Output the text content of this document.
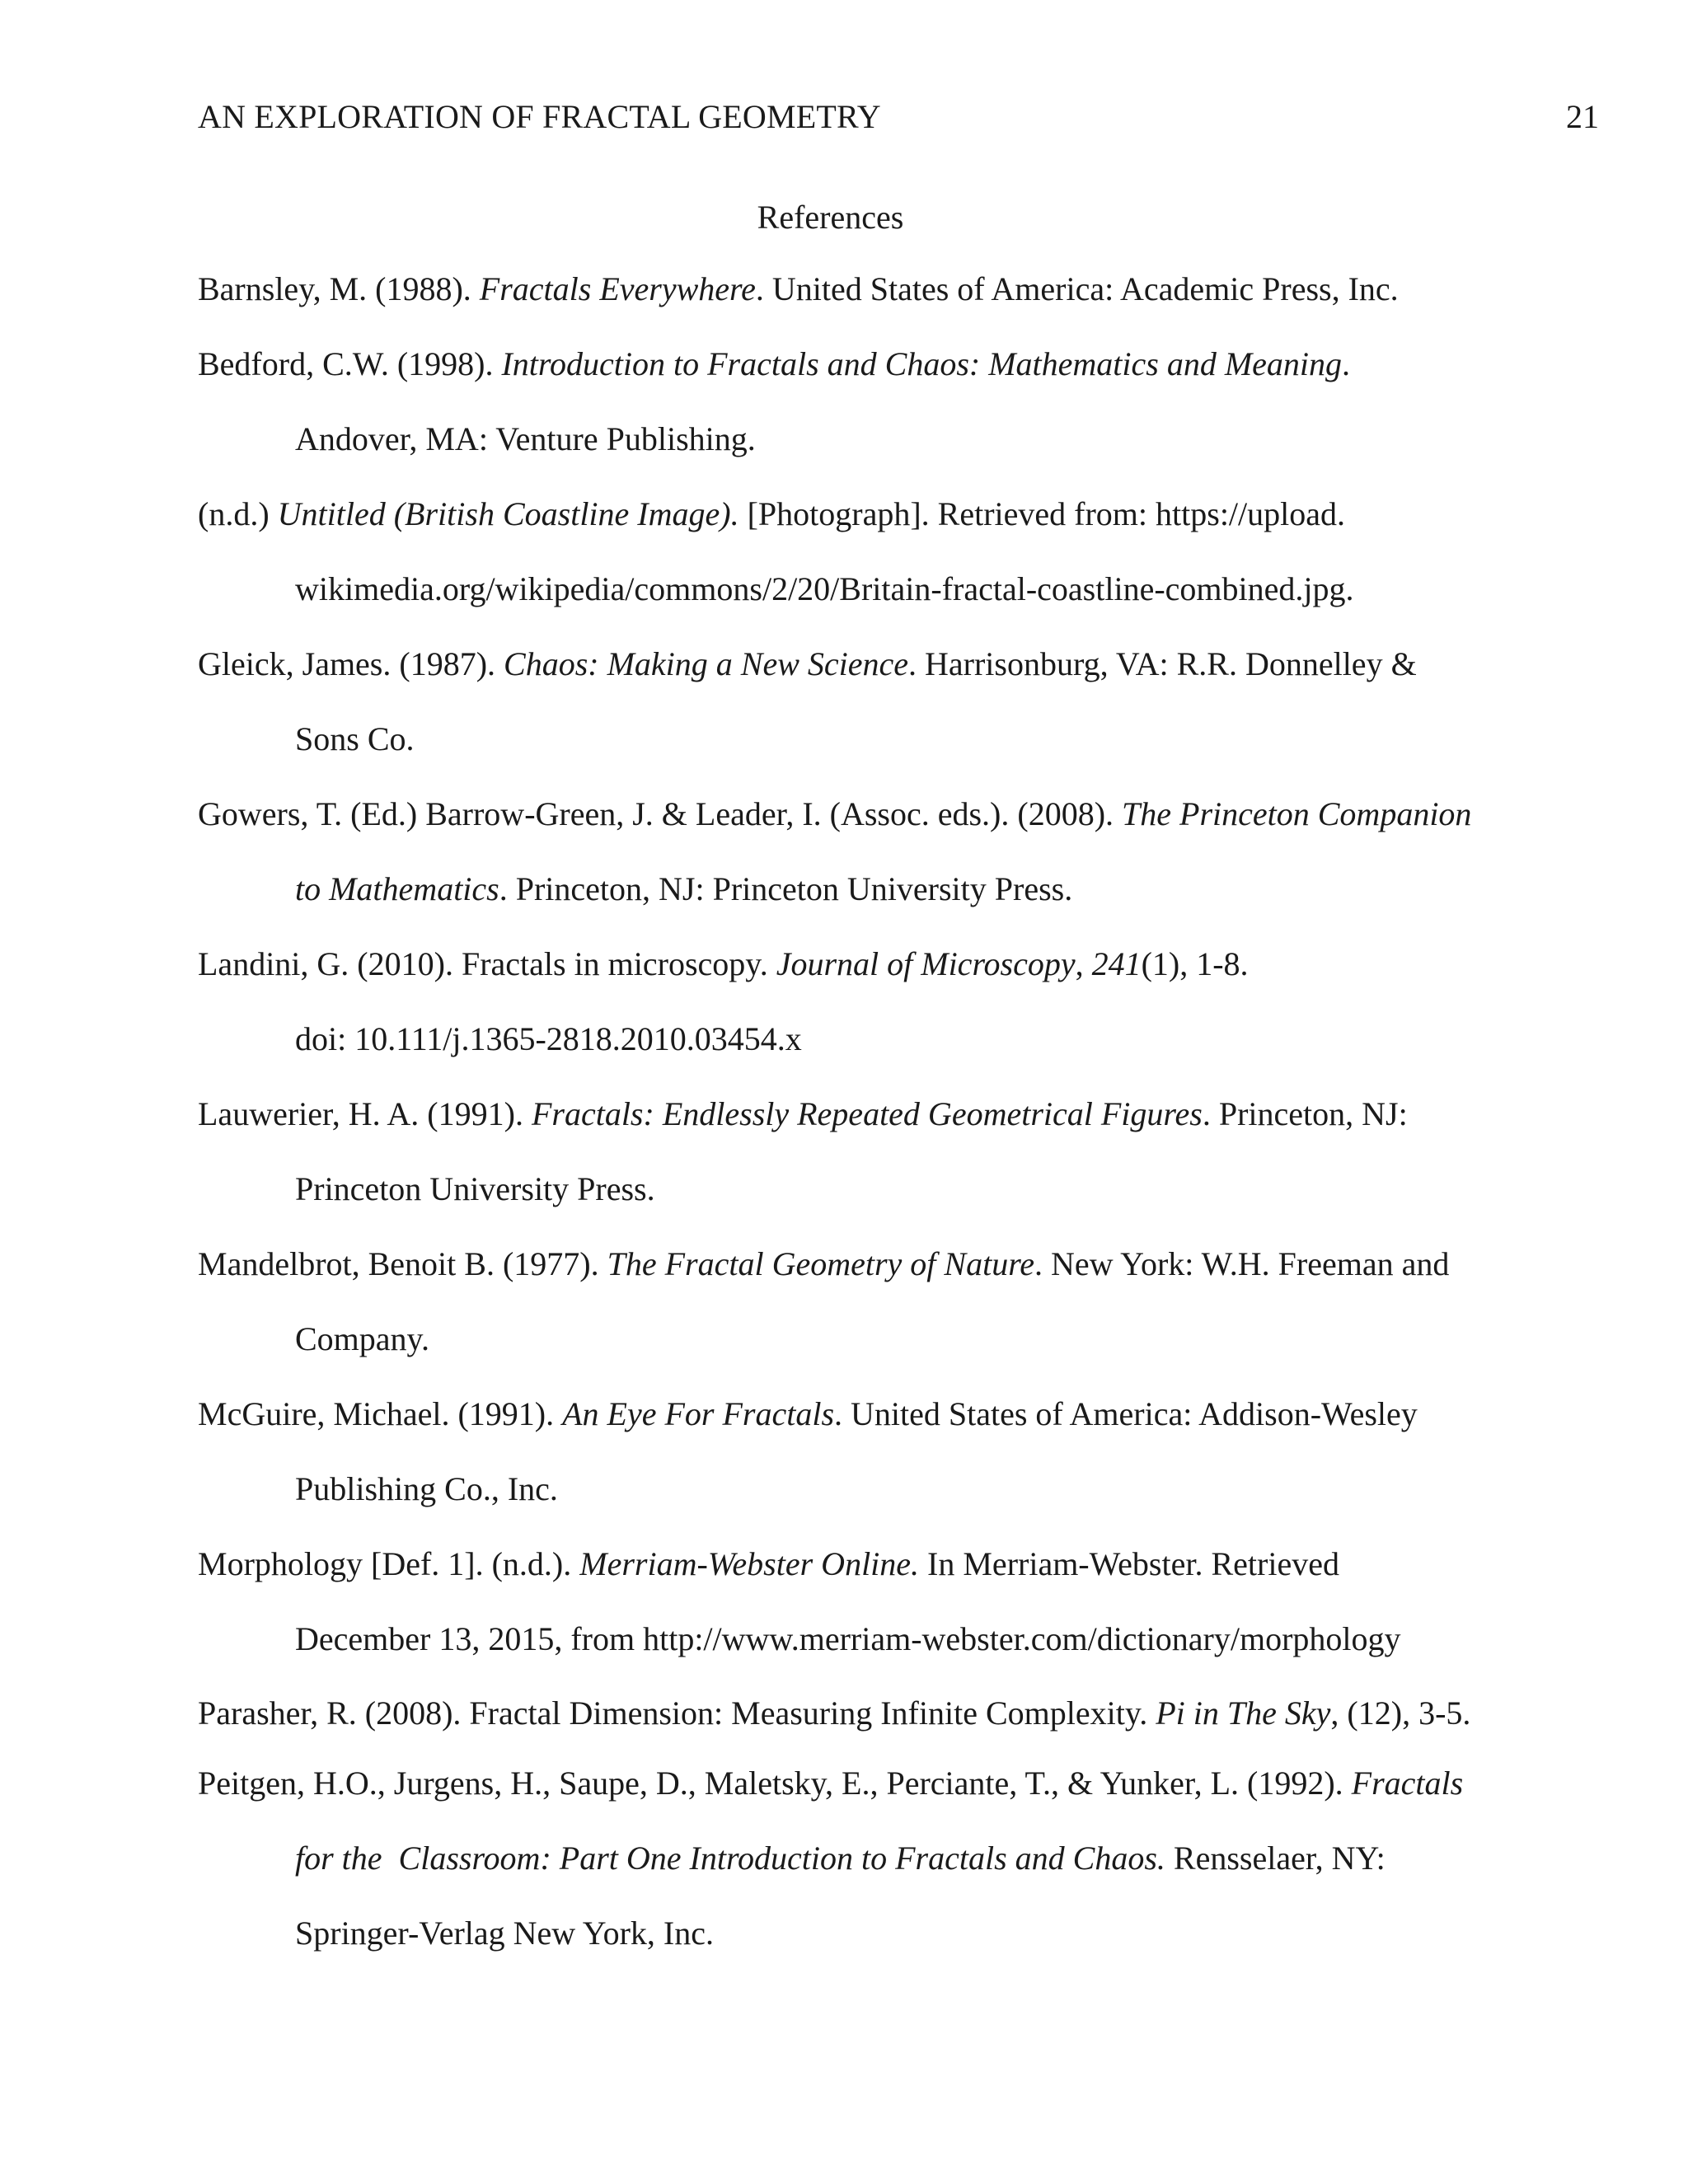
AN EXPLORATION OF FRACTAL GEOMETRY	21
References
Barnsley, M. (1988). Fractals Everywhere. United States of America: Academic Press, Inc.
Bedford, C.W. (1998). Introduction to Fractals and Chaos: Mathematics and Meaning.
Andover, MA: Venture Publishing.
(n.d.) Untitled (British Coastline Image). [Photograph]. Retrieved from: https://upload.
wikimedia.org/wikipedia/commons/2/20/Britain-fractal-coastline-combined.jpg.
Gleick, James. (1987). Chaos: Making a New Science. Harrisonburg, VA: R.R. Donnelley &
Sons Co.
Gowers, T. (Ed.) Barrow-Green, J. & Leader, I. (Assoc. eds.). (2008). The Princeton Companion
to Mathematics. Princeton, NJ: Princeton University Press.
Landini, G. (2010). Fractals in microscopy. Journal of Microscopy, 241(1), 1-8.
doi: 10.111/j.1365-2818.2010.03454.x
Lauwerier, H. A. (1991). Fractals: Endlessly Repeated Geometrical Figures. Princeton, NJ:
Princeton University Press.
Mandelbrot, Benoit B. (1977). The Fractal Geometry of Nature. New York: W.H. Freeman and
Company.
McGuire, Michael. (1991). An Eye For Fractals. United States of America: Addison-Wesley
Publishing Co., Inc.
Morphology [Def. 1]. (n.d.). Merriam-Webster Online. In Merriam-Webster. Retrieved
December 13, 2015, from http://www.merriam-webster.com/dictionary/morphology
Parasher, R. (2008). Fractal Dimension: Measuring Infinite Complexity. Pi in The Sky, (12), 3-5.
Peitgen, H.O., Jurgens, H., Saupe, D., Maletsky, E., Perciante, T., & Yunker, L. (1992). Fractals
for the  Classroom: Part One Introduction to Fractals and Chaos. Rensselaer, NY:
Springer-Verlag New York, Inc.
